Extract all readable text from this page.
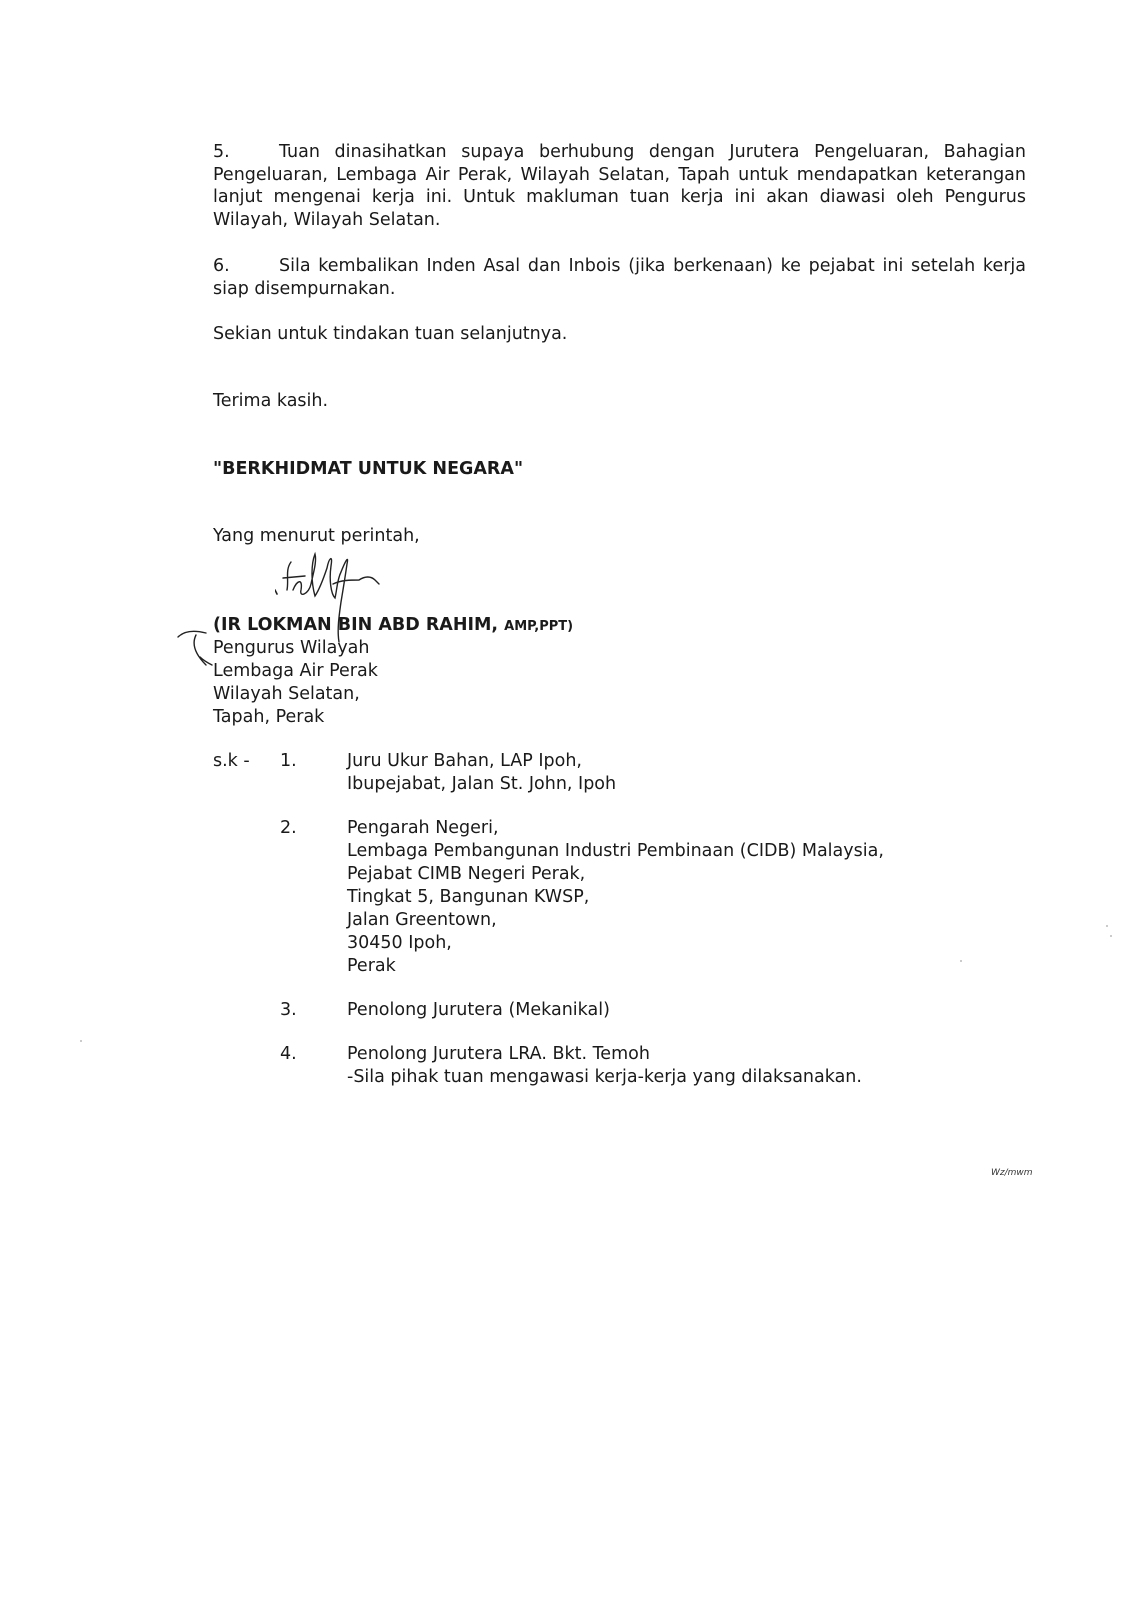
5.	Tuan dinasihatkan supaya berhubung dengan Jurutera Pengeluaran, Bahagian Pengeluaran, Lembaga Air Perak, Wilayah Selatan, Tapah untuk mendapatkan keterangan lanjut mengenai kerja ini. Untuk makluman tuan kerja ini akan diawasi oleh Pengurus Wilayah, Wilayah Selatan.
6.	Sila kembalikan Inden Asal dan Inbois (jika berkenaan) ke pejabat ini setelah kerja siap disempurnakan.
Sekian untuk tindakan tuan selanjutnya.
Terima kasih.
"BERKHIDMAT UNTUK NEGARA"
Yang menurut perintah,
(IR LOKMAN BIN ABD RAHIM, AMP,PPT)
Pengurus Wilayah
Lembaga Air Perak
Wilayah Selatan,
Tapah, Perak
s.k - 1.	Juru Ukur Bahan, LAP Ipoh,
Ibupejabat, Jalan St. John, Ipoh
2.	Pengarah Negeri,
Lembaga Pembangunan Industri Pembinaan (CIDB) Malaysia,
Pejabat CIMB Negeri Perak,
Tingkat 5, Bangunan KWSP,
Jalan Greentown,
30450 Ipoh,
Perak
3.	Penolong Jurutera (Mekanikal)
4.	Penolong Jurutera LRA. Bkt. Temoh
-Sila pihak tuan mengawasi kerja-kerja yang dilaksanakan.
Wz/mwm
